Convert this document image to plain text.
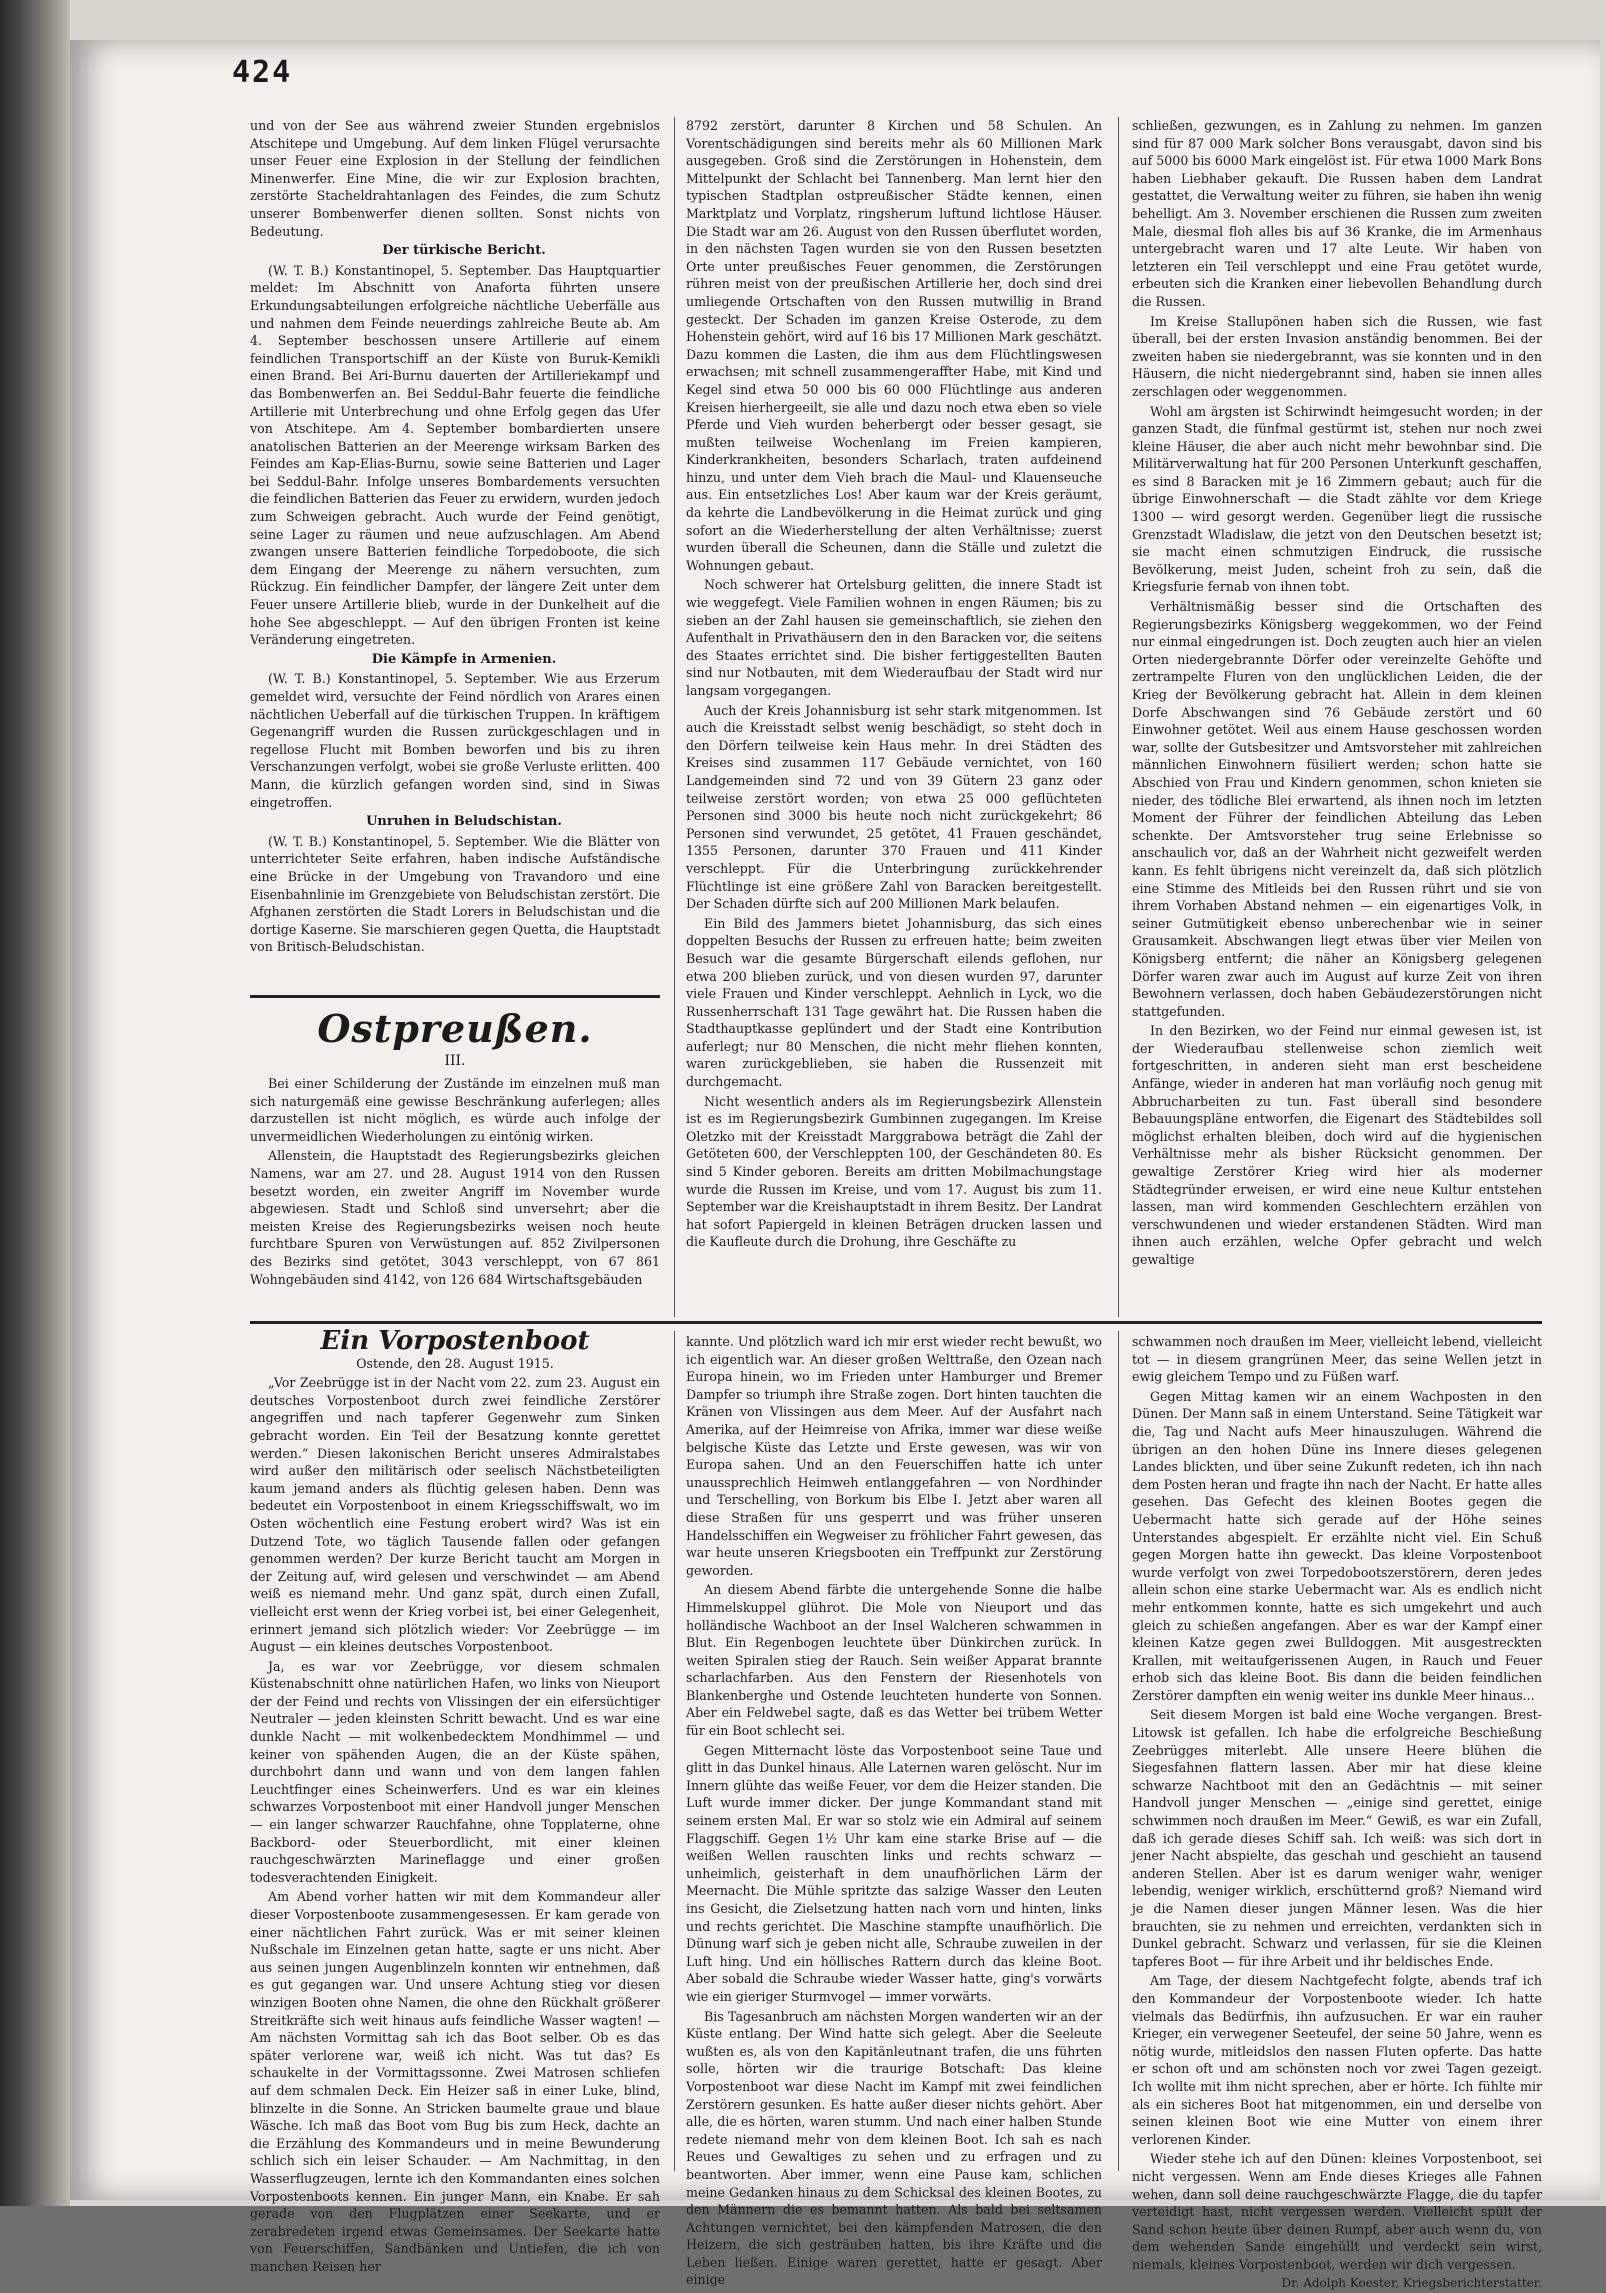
424

und von der See aus während zweier Stunden ergebnislos Atschitepe und Umgebung. Auf dem linken Flügel verursachte unser Feuer eine Explosion in der Stellung der feindlichen Minenwerfer. Eine Mine, die wir zur Explosion brachten, zerstörte Stacheldrahtanlagen des Feindes, die zum Schutz unserer Bombenwerfer dienen sollten. Sonst nichts von Bedeutung.

Der türkische Bericht.

(W. T. B.) Konstantinopel, 5. September. Das Hauptquartier meldet: Im Abschnitt von Anaforta führten unsere Erkundungsabteilungen erfolgreiche nächtliche Ueberfälle aus und nahmen dem Feinde neuerdings zahlreiche Beute ab. Am 4. September beschossen unsere Artillerie auf einem feindlichen Transportschiff an der Küste von Buruk-Kemikli einen Brand. Bei Ari-Burnu dauerten der Artilleriekampf und das Bombenwerfen an. Bei Seddul-Bahr feuerte die feindliche Artillerie mit Unterbrechung und ohne Erfolg gegen das Ufer von Atschitepe. Am 4. September bombardierten unsere anatolischen Batterien an der Meerenge wirksam Barken des Feindes am Kap-Elias-Burnu, sowie seine Batterien und Lager bei Seddul-Bahr. Infolge unseres Bombardements versuchten die feindlichen Batterien das Feuer zu erwidern, wurden jedoch zum Schweigen gebracht. Auch wurde der Feind genötigt, seine Lager zu räumen und neue aufzuschlagen. Am Abend zwangen unsere Batterien feindliche Torpedoboote, die sich dem Eingang der Meerenge zu nähern versuchten, zum Rückzug. Ein feindlicher Dampfer, der längere Zeit unter dem Feuer unsere Artillerie blieb, wurde in der Dunkelheit auf die hohe See abgeschleppt. — Auf den übrigen Fronten ist keine Veränderung eingetreten.

Die Kämpfe in Armenien.

(W. T. B.) Konstantinopel, 5. September. Wie aus Erzerum gemeldet wird, versuchte der Feind nördlich von Arares einen nächtlichen Ueberfall auf die türkischen Truppen. In kräftigem Gegenangriff wurden die Russen zurückgeschlagen und in regellose Flucht mit Bomben beworfen und bis zu ihren Verschanzungen verfolgt, wobei sie große Verluste erlitten. 400 Mann, die kürzlich gefangen worden sind, sind in Siwas eingetroffen.

Unruhen in Beludschistan.

(W. T. B.) Konstantinopel, 5. September. Wie die Blätter von unterrichteter Seite erfahren, haben indische Aufständische eine Brücke in der Umgebung von Travandoro und eine Eisenbahnlinie im Grenzgebiete von Beludschistan zerstört. Die Afghanen zerstörten die Stadt Lorers in Beludschistan und die dortige Kaserne. Sie marschieren gegen Quetta, die Hauptstadt von Britisch-Beludschistan.

Ostpreußen.
III.

Bei einer Schilderung der Zustände im einzelnen muß man sich naturgemäß eine gewisse Beschränkung auferlegen; alles darzustellen ist nicht möglich, es würde auch infolge der unvermeidlichen Wiederholungen zu eintönig wirken.

Allenstein, die Hauptstadt des Regierungsbezirks gleichen Namens, war am 27. und 28. August 1914 von den Russen besetzt worden, ein zweiter Angriff im November wurde abgewiesen. Stadt und Schloß sind unversehrt; aber die meisten Kreise des Regierungsbezirks weisen noch heute furchtbare Spuren von Verwüstungen auf. 852 Zivilpersonen des Bezirks sind getötet, 3043 verschleppt, von 67 861 Wohngebäuden sind 4142, von 126 684 Wirtschaftsgebäuden

8792 zerstört, darunter 8 Kirchen und 58 Schulen. An Vorentschädigungen sind bereits mehr als 60 Millionen Mark ausgegeben. Groß sind die Zerstörungen in Hohenstein, dem Mittelpunkt der Schlacht bei Tannenberg. Man lernt hier den typischen Stadtplan ostpreußischer Städte kennen, einen Marktplatz und Vorplatz, ringsherum luftund lichtlose Häuser. Die Stadt war am 26. August von den Russen überflutet worden, in den nächsten Tagen wurden sie von den Russen besetzten Orte unter preußisches Feuer genommen, die Zerstörungen rühren meist von der preußischen Artillerie her, doch sind drei umliegende Ortschaften von den Russen mutwillig in Brand gesteckt. Der Schaden im ganzen Kreise Osterode, zu dem Hohenstein gehört, wird auf 16 bis 17 Millionen Mark geschätzt. Dazu kommen die Lasten, die ihm aus dem Flüchtlingswesen erwachsen; mit schnell zusammengeraffter Habe, mit Kind und Kegel sind etwa 50 000 bis 60 000 Flüchtlinge aus anderen Kreisen hierhergeeilt, sie alle und dazu noch etwa eben so viele Pferde und Vieh wurden beherbergt oder besser gesagt, sie mußten teilweise Wochenlang im Freien kampieren, Kinderkrankheiten, besonders Scharlach, traten aufdeinend hinzu, und unter dem Vieh brach die Maul- und Klauenseuche aus. Ein entsetzliches Los! Aber kaum war der Kreis geräumt, da kehrte die Landbevölkerung in die Heimat zurück und ging sofort an die Wiederherstellung der alten Verhältnisse; zuerst wurden überall die Scheunen, dann die Ställe und zuletzt die Wohnungen gebaut.

Noch schwerer hat Ortelsburg gelitten, die innere Stadt ist wie weggefegt. Viele Familien wohnen in engen Räumen; bis zu sieben an der Zahl hausen sie gemeinschaftlich, sie ziehen den Aufenthalt in Privathäusern den in den Baracken vor, die seitens des Staates errichtet sind. Die bisher fertiggestellten Bauten sind nur Notbauten, mit dem Wiederaufbau der Stadt wird nur langsam vorgegangen.

Auch der Kreis Johannisburg ist sehr stark mitgenommen. Ist auch die Kreisstadt selbst wenig beschädigt, so steht doch in den Dörfern teilweise kein Haus mehr. In drei Städten des Kreises sind zusammen 117 Gebäude vernichtet, von 160 Landgemeinden sind 72 und von 39 Gütern 23 ganz oder teilweise zerstört worden; von etwa 25 000 geflüchteten Personen sind 3000 bis heute noch nicht zurückgekehrt; 86 Personen sind verwundet, 25 getötet, 41 Frauen geschändet, 1355 Personen, darunter 370 Frauen und 411 Kinder verschleppt. Für die Unterbringung zurückkehrender Flüchtlinge ist eine größere Zahl von Baracken bereitgestellt. Der Schaden dürfte sich auf 200 Millionen Mark belaufen.

Ein Bild des Jammers bietet Johannisburg, das sich eines doppelten Besuchs der Russen zu erfreuen hatte; beim zweiten Besuch war die gesamte Bürgerschaft eilends geflohen, nur etwa 200 blieben zurück, und von diesen wurden 97, darunter viele Frauen und Kinder verschleppt. Aehnlich in Lyck, wo die Russenherrschaft 131 Tage gewährt hat. Die Russen haben die Stadthauptkasse geplündert und der Stadt eine Kontribution auferlegt; nur 80 Menschen, die nicht mehr fliehen konnten, waren zurückgeblieben, sie haben die Russenzeit mit durchgemacht.

Nicht wesentlich anders als im Regierungsbezirk Allenstein ist es im Regierungsbezirk Gumbinnen zugegangen. Im Kreise Oletzko mit der Kreisstadt Marggrabowa beträgt die Zahl der Getöteten 600, der Verschleppten 100, der Geschändeten 80. Es sind 5 Kinder geboren. Bereits am dritten Mobilmachungstage wurde die Russen im Kreise, und vom 17. August bis zum 11. September war die Kreishauptstadt in ihrem Besitz. Der Landrat hat sofort Papiergeld in kleinen Beträgen drucken lassen und die Kaufleute durch die Drohung, ihre Geschäfte zu

schließen, gezwungen, es in Zahlung zu nehmen. Im ganzen sind für 87 000 Mark solcher Bons verausgabt, davon sind bis auf 5000 bis 6000 Mark eingelöst ist. Für etwa 1000 Mark Bons haben Liebhaber gekauft. Die Russen haben dem Landrat gestattet, die Verwaltung weiter zu führen, sie haben ihn wenig behelligt. Am 3. November erschienen die Russen zum zweiten Male, diesmal floh alles bis auf 36 Kranke, die im Armenhaus untergebracht waren und 17 alte Leute. Wir haben von letzteren ein Teil verschleppt und eine Frau getötet wurde, erbeuten sich die Kranken einer liebevollen Behandlung durch die Russen.

Im Kreise Stallupönen haben sich die Russen, wie fast überall, bei der ersten Invasion anständig benommen. Bei der zweiten haben sie niedergebrannt, was sie konnten und in den Häusern, die nicht niedergebrannt sind, haben sie innen alles zerschlagen oder weggenommen.

Wohl am ärgsten ist Schirwindt heimgesucht worden; in der ganzen Stadt, die fünfmal gestürmt ist, stehen nur noch zwei kleine Häuser, die aber auch nicht mehr bewohnbar sind. Die Militärverwaltung hat für 200 Personen Unterkunft geschaffen, es sind 8 Baracken mit je 16 Zimmern gebaut; auch für die übrige Einwohnerschaft — die Stadt zählte vor dem Kriege 1300 — wird gesorgt werden. Gegenüber liegt die russische Grenzstadt Wladislaw, die jetzt von den Deutschen besetzt ist; sie macht einen schmutzigen Eindruck, die russische Bevölkerung, meist Juden, scheint froh zu sein, daß die Kriegsfurie fernab von ihnen tobt.

Verhältnismäßig besser sind die Ortschaften des Regierungsbezirks Königsberg weggekommen, wo der Feind nur einmal eingedrungen ist. Doch zeugten auch hier an vielen Orten niedergebrannte Dörfer oder vereinzelte Gehöfte und zertrampelte Fluren von den unglücklichen Leiden, die der Krieg der Bevölkerung gebracht hat. Allein in dem kleinen Dorfe Abschwangen sind 76 Gebäude zerstört und 60 Einwohner getötet. Weil aus einem Hause geschossen worden war, sollte der Gutsbesitzer und Amtsvorsteher mit zahlreichen männlichen Einwohnern füsiliert werden; schon hatte sie Abschied von Frau und Kindern genommen, schon knieten sie nieder, des tödliche Blei erwartend, als ihnen noch im letzten Moment der Führer der feindlichen Abteilung das Leben schenkte. Der Amtsvorsteher trug seine Erlebnisse so anschaulich vor, daß an der Wahrheit nicht gezweifelt werden kann. Es fehlt übrigens nicht vereinzelt da, daß sich plötzlich eine Stimme des Mitleids bei den Russen rührt und sie von ihrem Vorhaben Abstand nehmen — ein eigenartiges Volk, in seiner Gutmütigkeit ebenso unberechenbar wie in seiner Grausamkeit. Abschwangen liegt etwas über vier Meilen von Königsberg entfernt; die näher an Königsberg gelegenen Dörfer waren zwar auch im August auf kurze Zeit von ihren Bewohnern verlassen, doch haben Gebäudezerstörungen nicht stattgefunden.

In den Bezirken, wo der Feind nur einmal gewesen ist, ist der Wiederaufbau stellenweise schon ziemlich weit fortgeschritten, in anderen sieht man erst bescheidene Anfänge, wieder in anderen hat man vorläufig noch genug mit Abbrucharbeiten zu tun. Fast überall sind besondere Bebauungspläne entworfen, die Eigenart des Städtebildes soll möglichst erhalten bleiben, doch wird auf die hygienischen Verhältnisse mehr als bisher Rücksicht genommen. Der gewaltige Zerstörer Krieg wird hier als moderner Städtegründer erweisen, er wird eine neue Kultur entstehen lassen, man wird kommenden Geschlechtern erzählen von verschwundenen und wieder erstandenen Städten. Wird man ihnen auch erzählen, welche Opfer gebracht und welch gewaltige

Ein Vorpostenboot

Ostende, den 28. August 1915.

„Vor Zeebrügge ist in der Nacht vom 22. zum 23. August ein deutsches Vorpostenboot durch zwei feindliche Zerstörer angegriffen und nach tapferer Gegenwehr zum Sinken gebracht worden. Ein Teil der Besatzung konnte gerettet werden.“ Diesen lakonischen Bericht unseres Admiralstabes wird außer den militärisch oder seelisch Nächstbeteiligten kaum jemand anders als flüchtig gelesen haben. Denn was bedeutet ein Vorpostenboot in einem Kriegsschiffswalt, wo im Osten wöchentlich eine Festung erobert wird? Was ist ein Dutzend Tote, wo täglich Tausende fallen oder gefangen genommen werden? Der kurze Bericht taucht am Morgen in der Zeitung auf, wird gelesen und verschwindet — am Abend weiß es niemand mehr. Und ganz spät, durch einen Zufall, vielleicht erst wenn der Krieg vorbei ist, bei einer Gelegenheit, erinnert jemand sich plötzlich wieder: Vor Zeebrügge — im August — ein kleines deutsches Vorpostenboot.

Ja, es war vor Zeebrügge, vor diesem schmalen Küstenabschnitt ohne natürlichen Hafen, wo links von Nieuport der der Feind und rechts von Vlissingen der ein eifersüchtiger Neutraler — jeden kleinsten Schritt bewacht. Und es war eine dunkle Nacht — mit wolkenbedecktem Mondhimmel — und keiner von spähenden Augen, die an der Küste spähen, durchbohrt dann und wann und von dem langen fahlen Leuchtfinger eines Scheinwerfers. Und es war ein kleines schwarzes Vorpostenboot mit einer Handvoll junger Menschen — ein langer schwarzer Rauchfahne, ohne Topplaterne, ohne Backbord- oder Steuerbordlicht, mit einer kleinen rauchgeschwärzten Marineflagge und einer großen todesverachtenden Einigkeit.

Am Abend vorher hatten wir mit dem Kommandeur aller dieser Vorpostenboote zusammengesessen. Er kam gerade von einer nächtlichen Fahrt zurück. Was er mit seiner kleinen Nußschale im Einzelnen getan hatte, sagte er uns nicht. Aber aus seinen jungen Augenblinzeln konnten wir entnehmen, daß es gut gegangen war. Und unsere Achtung stieg vor diesen winzigen Booten ohne Namen, die ohne den Rückhalt größerer Streitkräfte sich weit hinaus aufs feindliche Wasser wagten! — Am nächsten Vormittag sah ich das Boot selber. Ob es das später verlorene war, weiß ich nicht. Was tut das? Es schaukelte in der Vormittagssonne. Zwei Matrosen schliefen auf dem schmalen Deck. Ein Heizer saß in einer Luke, blind, blinzelte in die Sonne. An Stricken baumelte graue und blaue Wäsche. Ich maß das Boot vom Bug bis zum Heck, dachte an die Erzählung des Kommandeurs und in meine Bewunderung schlich sich ein leiser Schauder. — Am Nachmittag, in den Wasserflugzeugen, lernte ich den Kommandanten eines solchen Vorpostenboots kennen. Ein junger Mann, ein Knabe. Er sah gerade von den Flugplätzen einer Seekarte, und er zerabredeten irgend etwas Gemeinsames. Der Seekarte hatte von Feuerschiffen, Sandbänken und Untiefen, die ich von manchen Reisen her

kannte. Und plötzlich ward ich mir erst wieder recht bewußt, wo ich eigentlich war. An dieser großen Welttraße, den Ozean nach Europa hinein, wo im Frieden unter Hamburger und Bremer Dampfer so triumph ihre Straße zogen. Dort hinten tauchten die Kränen von Vlissingen aus dem Meer. Auf der Ausfahrt nach Amerika, auf der Heimreise von Afrika, immer war diese weiße belgische Küste das Letzte und Erste gewesen, was wir von Europa sahen. Und an den Feuerschiffen hatte ich unter unaussprechlich Heimweh entlanggefahren — von Nordhinder und Terschelling, von Borkum bis Elbe I. Jetzt aber waren all diese Straßen für uns gesperrt und was früher unseren Handelsschiffen ein Wegweiser zu fröhlicher Fahrt gewesen, das war heute unseren Kriegsbooten ein Treffpunkt zur Zerstörung geworden.

An diesem Abend färbte die untergehende Sonne die halbe Himmelskuppel glührot. Die Mole von Nieuport und das holländische Wachboot an der Insel Walcheren schwammen in Blut. Ein Regenbogen leuchtete über Dünkirchen zurück. In weiten Spiralen stieg der Rauch. Sein weißer Apparat brannte scharlachfarben. Aus den Fenstern der Riesenhotels von Blankenberghe und Ostende leuchteten hunderte von Sonnen. Aber ein Feldwebel sagte, daß es das Wetter bei trübem Wetter für ein Boot schlecht sei.

Gegen Mitternacht löste das Vorpostenboot seine Taue und glitt in das Dunkel hinaus. Alle Laternen waren gelöscht. Nur im Innern glühte das weiße Feuer, vor dem die Heizer standen. Die Luft wurde immer dicker. Der junge Kommandant stand mit seinem ersten Mal. Er war so stolz wie ein Admiral auf seinem Flaggschiff. Gegen 1½ Uhr kam eine starke Brise auf — die weißen Wellen rauschten links und rechts schwarz — unheimlich, geisterhaft in dem unaufhörlichen Lärm der Meernacht. Die Mühle spritzte das salzige Wasser den Leuten ins Gesicht, die Zielsetzung hatten nach vorn und hinten, links und rechts gerichtet. Die Maschine stampfte unaufhörlich. Die Dünung warf sich je geben nicht alle, Schraube zuweilen in der Luft hing. Und ein höllisches Rattern durch das kleine Boot. Aber sobald die Schraube wieder Wasser hatte, ging's vorwärts wie ein gieriger Sturmvogel — immer vorwärts.

Bis Tagesanbruch am nächsten Morgen wanderten wir an der Küste entlang. Der Wind hatte sich gelegt. Aber die Seeleute wußten es, als von den Kapitänleutnant trafen, die uns führten solle, hörten wir die traurige Botschaft: Das kleine Vorpostenboot war diese Nacht im Kampf mit zwei feindlichen Zerstörern gesunken. Es hatte außer dieser nichts gehört. Aber alle, die es hörten, waren stumm. Und nach einer halben Stunde redete niemand mehr von dem kleinen Boot. Ich sah es nach Reues und Gewaltiges zu sehen und zu erfragen und zu beantworten. Aber immer, wenn eine Pause kam, schlichen meine Gedanken hinaus zu dem Schicksal des kleinen Bootes, zu den Männern die es bemannt hatten. Als bald bei seltsamen Achtungen vernichtet, bei den kämpfenden Matrosen, die den Heizern, die sich gesträuben hatten, bis ihre Kräfte und die Leben ließen. Einige waren gerettet, hatte er gesagt. Aber einige

schwammen noch draußen im Meer, vielleicht lebend, vielleicht tot — in diesem grangrünen Meer, das seine Wellen jetzt in ewig gleichem Tempo und zu Füßen warf.

Gegen Mittag kamen wir an einem Wachposten in den Dünen. Der Mann saß in einem Unterstand. Seine Tätigkeit war die, Tag und Nacht aufs Meer hinauszulugen. Während die übrigen an den hohen Düne ins Innere dieses gelegenen Landes blickten, und über seine Zukunft redeten, ich ihn nach dem Posten heran und fragte ihn nach der Nacht. Er hatte alles gesehen. Das Gefecht des kleinen Bootes gegen die Uebermacht hatte sich gerade auf der Höhe seines Unterstandes abgespielt. Er erzählte nicht viel. Ein Schuß gegen Morgen hatte ihn geweckt. Das kleine Vorpostenboot wurde verfolgt von zwei Torpedobootszerstörern, deren jedes allein schon eine starke Uebermacht war. Als es endlich nicht mehr entkommen konnte, hatte es sich umgekehrt und auch gleich zu schießen angefangen. Aber es war der Kampf einer kleinen Katze gegen zwei Bulldoggen. Mit ausgestreckten Krallen, mit weitaufgerissenen Augen, in Rauch und Feuer erhob sich das kleine Boot. Bis dann die beiden feindlichen Zerstörer dampften ein wenig weiter ins dunkle Meer hinaus...

Seit diesem Morgen ist bald eine Woche vergangen. Brest-Litowsk ist gefallen. Ich habe die erfolgreiche Beschießung Zeebrügges miterlebt. Alle unsere Heere blühen die Siegesfahnen flattern lassen. Aber mir hat diese kleine schwarze Nachtboot mit den an Gedächtnis — mit seiner Handvoll junger Menschen — „einige sind gerettet, einige schwimmen noch draußen im Meer.“ Gewiß, es war ein Zufall, daß ich gerade dieses Schiff sah. Ich weiß: was sich dort in jener Nacht abspielte, das geschah und geschieht an tausend anderen Stellen. Aber ist es darum weniger wahr, weniger lebendig, weniger wirklich, erschütternd groß? Niemand wird je die Namen dieser jungen Männer lesen. Was die hier brauchten, sie zu nehmen und erreichten, verdankten sich in Dunkel gebracht. Schwarz und verlassen, für sie die Kleinen tapferes Boot — für ihre Arbeit und ihr beldisches Ende.

Am Tage, der diesem Nachtgefecht folgte, abends traf ich den Kommandeur der Vorpostenboote wieder. Ich hatte vielmals das Bedürfnis, ihn aufzusuchen. Er war ein rauher Krieger, ein verwegener Seeteufel, der seine 50 Jahre, wenn es nötig wurde, mitleidslos den nassen Fluten opferte. Das hatte er schon oft und am schönsten noch vor zwei Tagen gezeigt. Ich wollte mit ihm nicht sprechen, aber er hörte. Ich fühlte mir als ein sicheres Boot hat mitgenommen, ein und derselbe von seinen kleinen Boot wie eine Mutter von einem ihrer verlorenen Kinder.

Wieder stehe ich auf den Dünen: kleines Vorpostenboot, sei nicht vergessen. Wenn am Ende dieses Krieges alle Fahnen wehen, dann soll deine rauchgeschwärzte Flagge, die du tapfer verteidigt hast, nicht vergessen werden. Vielleicht spült der Sand schon heute über deinen Rumpf, aber auch wenn du, von dem wehenden Sande eingehüllt und verdeckt sein wirst, niemals, kleines Vorpostenboot, werden wir dich vergessen.

Dr. Adolph Koester, Kriegsberichterstatter.
